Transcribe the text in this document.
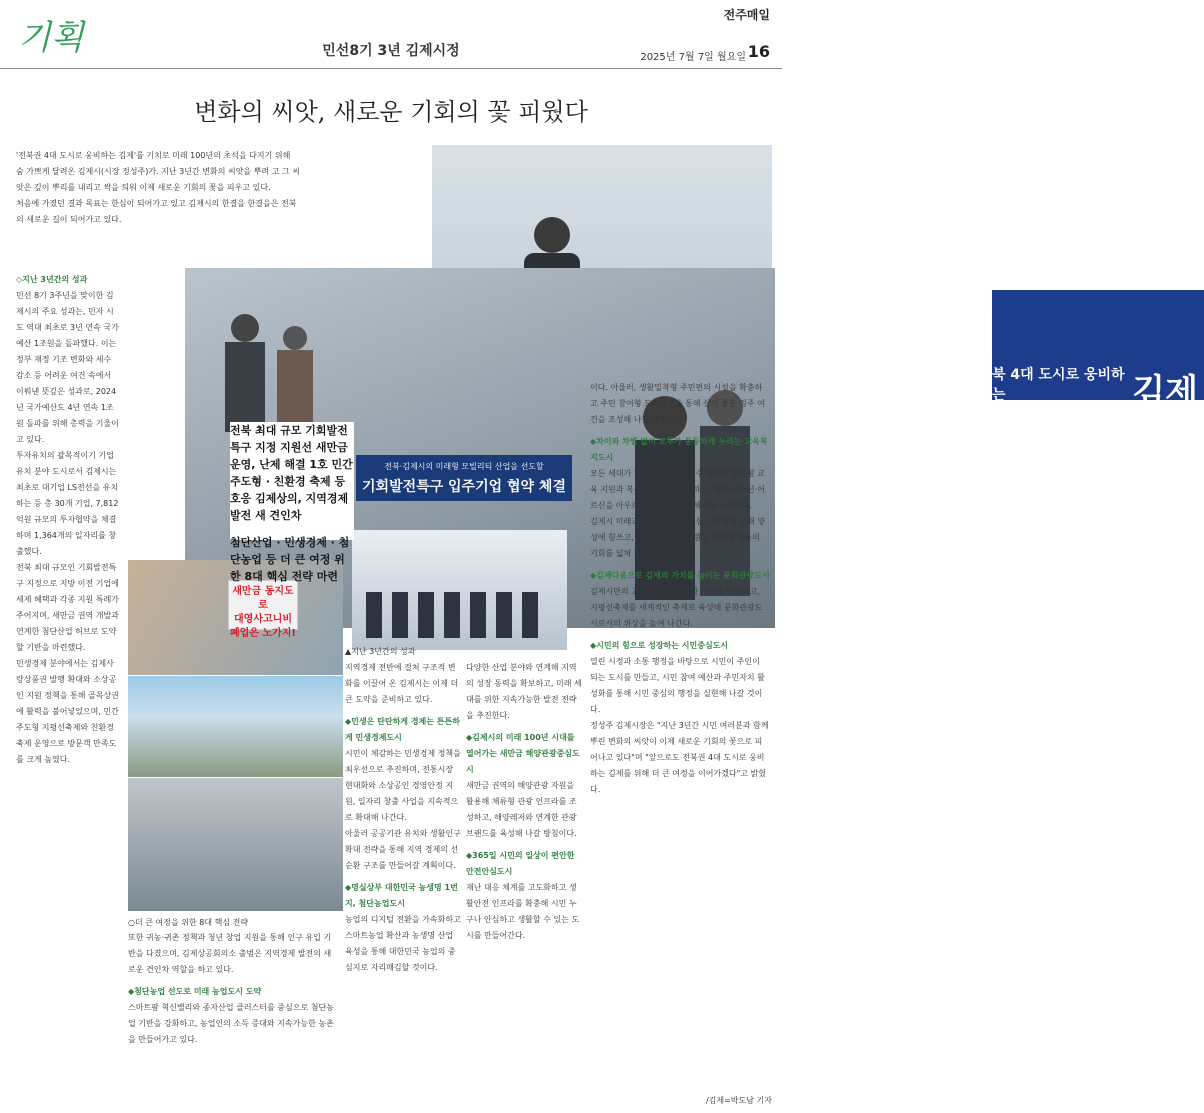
기획	민선8기 3년 김제시정
전주매일
2025년 7월 7일 월요일 16
변화의 씨앗, 새로운 기회의 꽃 피웠다

'전북권 4대 도시로 웅비하는 김제'를 기치로 미래 100년의 초석을 다지기 위해

숨 가쁘게 달려온 김제시(시장 정성주)가. 지난 3년간 변화의 씨앗을 뿌려 고 그 씨

앗은 깊이 뿌리를 내리고 싹을 틔워 이제 새로운 기회의 꽃을 피우고 있다.

처음에 가졌던 결과 목표는 한심이 되어가고 있고 김제시의 한결을 한결을은 전북

의 새로운 길이 되어가고 있다.

북 4대 도시로 웅비하는	김제
전북·김제시의 미래형 모빌리티 산업을 선도할
기회발전특구 입주기업 협약 체결
새만금 동지도로
대영사고니비
폐업은 노가지!

전북 최대 규모 기회발전특구 지정 지원선 새만금 운영, 난제 해결 1호 민간 주도형 · 친환경 축제 등 호응 김제상의, 지역경제발전 새 견인차

첨단산업 · 민생경제 · 첨단농업 등 더 큰 여정 위한 8대 핵심 전략 마련

▲지난 3년간의 성과
○더 큰 여정을 위한 8대 핵심 전략

◇지난 3년간의 성과

민선 8기 3주년을 맞이한 김제시의 주요 성과는, 민자 시도 역대 최초로 3년 연속 국가예산 1조원을 돌파했다. 이는 정부 재정 기조 변화와 세수 감소 등 어려운 여건 속에서 이뤄낸 뜻깊은 성과로, 2024년 국가예산도 4년 연속 1조원 돌파를 위해 총력을 기울이고 있다.

투자유치의 괄목적이기 기업유치 분야 도시로서 김제시는 최초로 대기업 LS전선을 유치하는 등 총 30개 기업, 7,812억원 규모의 투자협약을 체결하며 1,364개의 일자리를 창출했다.

전북 최대 규모인 기회발전특구 지정으로 지방 이전 기업에 세제 혜택과 각종 지원 특례가 주어지며, 새만금 권역 개발과 연계한 첨단산업 허브로 도약할 기반을 마련했다.

민생경제 분야에서는 김제사랑상품권 발행 확대와 소상공인 지원 정책을 통해 골목상권에 활력을 불어넣었으며, 민간 주도형 지평선축제와 친환경 축제 운영으로 방문객 만족도를 크게 높였다.

또한 귀농·귀촌 정책과 청년 창업 지원을 통해 인구 유입 기반을 다졌으며, 김제상공회의소 출범은 지역경제 발전의 새로운 견인차 역할을 하고 있다.

◆첨단농업 선도로 미래 농업도시 도약

스마트팜 혁신밸리와 종자산업 클러스터를 중심으로 첨단농업 기반을 강화하고, 농업인의 소득 증대와 지속가능한 농촌을 만들어가고 있다.

지역경제 전반에 걸쳐 구조적 변화를 이끌어 온 김제시는 이제 더 큰 도약을 준비하고 있다.

◆민생은 탄탄하게 경제는 튼튼하게 민생경제도시

시민이 체감하는 민생경제 정책을 최우선으로 추진하며, 전통시장 현대화와 소상공인 경영안정 지원, 일자리 창출 사업을 지속적으로 확대해 나간다.

아울러 공공기관 유치와 생활인구 확대 전략을 통해 지역 경제의 선순환 구조를 만들어갈 계획이다.

◆명실상부 대한민국 농생명 1번지, 첨단농업도시

농업의 디지털 전환을 가속화하고 스마트농업 확산과 농생명 산업 육성을 통해 대한민국 농업의 중심지로 자리매김할 것이다.

다양한 산업 분야와 연계해 지역의 성장 동력을 확보하고, 미래 세대를 위한 지속가능한 발전 전략을 추진한다.

◆김제시의 미래 100년 시대를 열어가는 새만금 해양관광중심도시

새만금 권역의 해양관광 자원을 활용해 체류형 관광 인프라를 조성하고, 해양레저와 연계한 관광 브랜드를 육성해 나갈 방침이다.

◆365일 시민의 일상이 편안한 안전안심도시

재난 대응 체계를 고도화하고 생활안전 인프라를 확충해 시민 누구나 안심하고 생활할 수 있는 도시를 만들어간다.

이다. 아울러, 생활밀착형 주민편의 시설을 확충하고 주민 참여형 도시재생을 통해 살기 좋은 정주 여건을 조성해 나갈 계획이다.

◆차이와 차별 없이 모두가 동등하게 누리는 교육복지도시

모든 세대가 함께 기회를 누릴 수 있도록 맞춤형 교육 지원과 복지 서비스를 강화하고, 아동·청소년·어르신을 아우르는 촘촘한 돌봄 체계를 구축한다.

김제시 미래교육지원센터를 중심으로 지역 인재 양성에 힘쓰고, 평생학습 프로그램을 확대해 배움의 기회를 넓혀 나갈 예정이다.

◆김제다움으로 김제의 가치를 높이는 문화관광도시

김제시만의 고유한 역사와 문화 자원을 발굴하고, 지평선축제를 세계적인 축제로 육성해 문화관광도시로서의 위상을 높여 나간다.

◆시민의 힘으로 성장하는 시민중심도시

열린 시정과 소통 행정을 바탕으로 시민이 주인이 되는 도시를 만들고, 시민 참여 예산과 주민자치 활성화를 통해 시민 중심의 행정을 실현해 나갈 것이다.

정성주 김제시장은 "지난 3년간 시민 여러분과 함께 뿌린 변화의 씨앗이 이제 새로운 기회의 꽃으로 피어나고 있다"며 "앞으로도 전북권 4대 도시로 웅비하는 김제를 위해 더 큰 여정을 이어가겠다"고 밝혔다.

/김제=박도남 기자
